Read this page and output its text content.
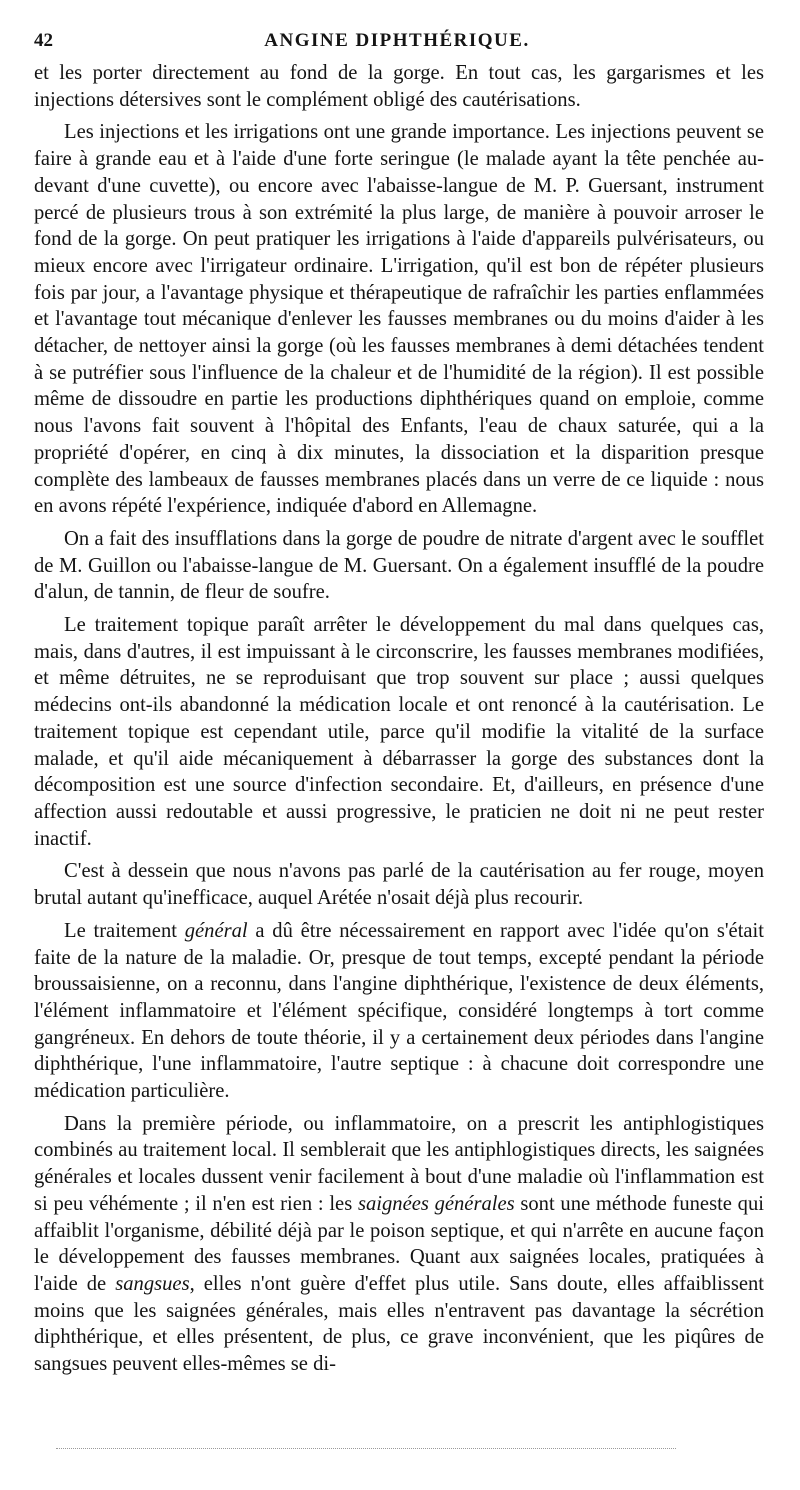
42	ANGINE DIPHTHÉRIQUE.

et les porter directement au fond de la gorge. En tout cas, les gargarismes et les injections détersives sont le complément obligé des cautérisations.

Les injections et les irrigations ont une grande importance. Les injections peuvent se faire à grande eau et à l'aide d'une forte seringue (le malade ayant la tête penchée au-devant d'une cuvette), ou encore avec l'abaisse-langue de M. P. Guersant, instrument percé de plusieurs trous à son extrémité la plus large, de manière à pouvoir arroser le fond de la gorge. On peut pratiquer les irrigations à l'aide d'appareils pulvérisateurs, ou mieux encore avec l'irrigateur ordinaire. L'irrigation, qu'il est bon de répéter plusieurs fois par jour, a l'avantage physique et thérapeutique de rafraîchir les parties enflammées et l'avantage tout mécanique d'enlever les fausses membranes ou du moins d'aider à les détacher, de nettoyer ainsi la gorge (où les fausses membranes à demi détachées tendent à se putréfier sous l'influence de la chaleur et de l'humidité de la région). Il est possible même de dissoudre en partie les productions diphthériques quand on emploie, comme nous l'avons fait souvent à l'hôpital des Enfants, l'eau de chaux saturée, qui a la propriété d'opérer, en cinq à dix minutes, la dissociation et la disparition presque complète des lambeaux de fausses membranes placés dans un verre de ce liquide : nous en avons répété l'expérience, indiquée d'abord en Allemagne.

On a fait des insufflations dans la gorge de poudre de nitrate d'argent avec le soufflet de M. Guillon ou l'abaisse-langue de M. Guersant. On a également insufflé de la poudre d'alun, de tannin, de fleur de soufre.

Le traitement topique paraît arrêter le développement du mal dans quelques cas, mais, dans d'autres, il est impuissant à le circonscrire, les fausses membranes modifiées, et même détruites, ne se reproduisant que trop souvent sur place ; aussi quelques médecins ont-ils abandonné la médication locale et ont renoncé à la cautérisation. Le traitement topique est cependant utile, parce qu'il modifie la vitalité de la surface malade, et qu'il aide mécaniquement à débarrasser la gorge des substances dont la décomposition est une source d'infection secondaire. Et, d'ailleurs, en présence d'une affection aussi redoutable et aussi progressive, le praticien ne doit ni ne peut rester inactif.

C'est à dessein que nous n'avons pas parlé de la cautérisation au fer rouge, moyen brutal autant qu'inefficace, auquel Arétée n'osait déjà plus recourir.

Le traitement général a dû être nécessairement en rapport avec l'idée qu'on s'était faite de la nature de la maladie. Or, presque de tout temps, excepté pendant la période broussaisienne, on a reconnu, dans l'angine diphthérique, l'existence de deux éléments, l'élément inflammatoire et l'élément spécifique, considéré longtemps à tort comme gangréneux. En dehors de toute théorie, il y a certainement deux périodes dans l'angine diphthérique, l'une inflammatoire, l'autre septique : à chacune doit correspondre une médication particulière.

Dans la première période, ou inflammatoire, on a prescrit les antiphlogistiques combinés au traitement local. Il semblerait que les antiphlogistiques directs, les saignées générales et locales dussent venir facilement à bout d'une maladie où l'inflammation est si peu véhémente ; il n'en est rien : les saignées générales sont une méthode funeste qui affaiblit l'organisme, débilité déjà par le poison septique, et qui n'arrête en aucune façon le développement des fausses membranes. Quant aux saignées locales, pratiquées à l'aide de sangsues, elles n'ont guère d'effet plus utile. Sans doute, elles affaiblissent moins que les saignées générales, mais elles n'entravent pas davantage la sécrétion diphthérique, et elles présentent, de plus, ce grave inconvénient, que les piqûres de sangsues peuvent elles-mêmes se di-
